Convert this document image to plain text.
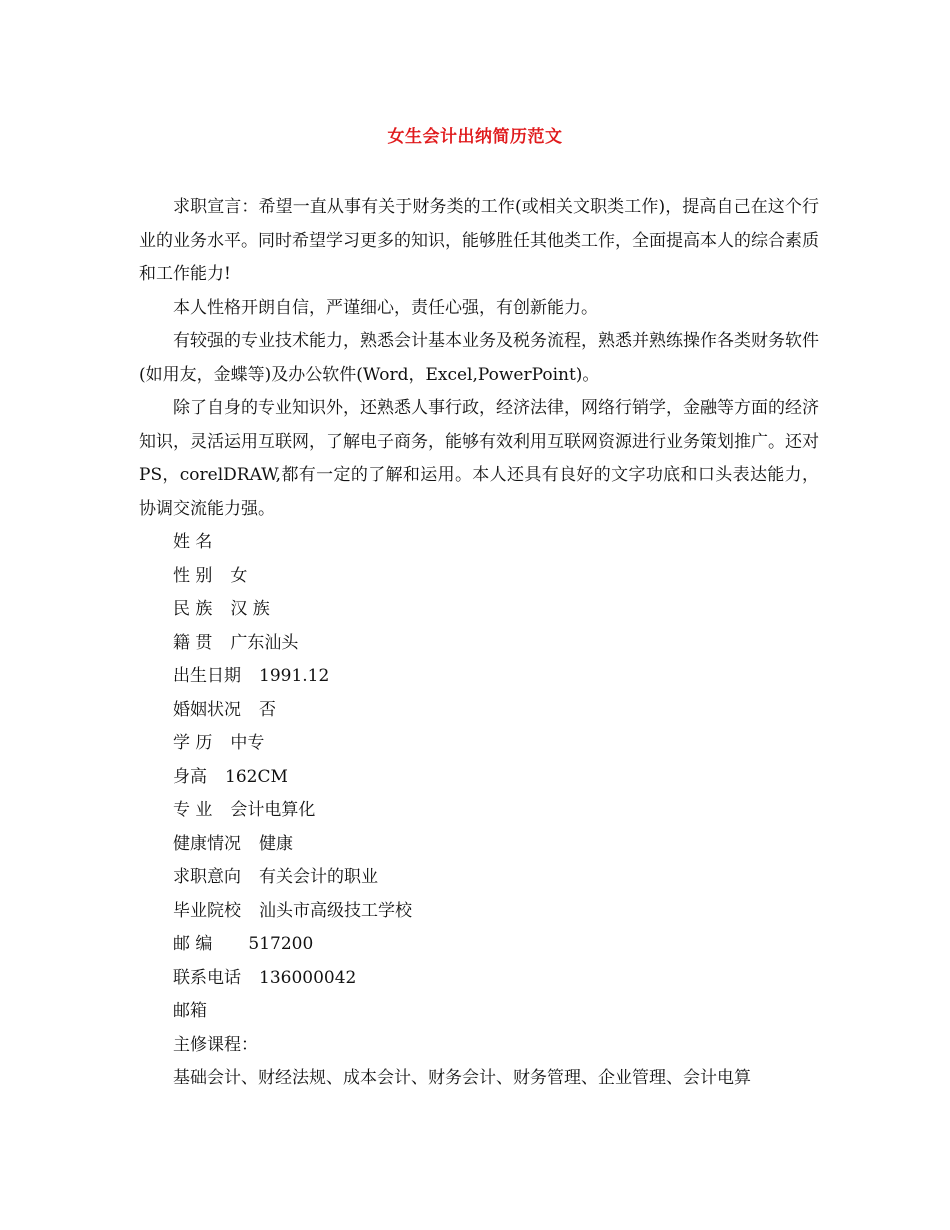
女生会计出纳简历范文

求职宣言：希望一直从事有关于财务类的工作(或相关文职类工作)，提高自己在这个行业的业务水平。同时希望学习更多的知识，能够胜任其他类工作，全面提高本人的综合素质和工作能力!

本人性格开朗自信，严谨细心，责任心强，有创新能力。

有较强的专业技术能力，熟悉会计基本业务及税务流程，熟悉并熟练操作各类财务软件(如用友，金蝶等)及办公软件(Word，Excel,PowerPoint)。

除了自身的专业知识外，还熟悉人事行政，经济法律，网络行销学，金融等方面的经济知识，灵活运用互联网，了解电子商务，能够有效利用互联网资源进行业务策划推广。还对PS，corelDRAW,都有一定的了解和运用。本人还具有良好的文字功底和口头表达能力，协调交流能力强。

姓 名
性 别 女
民 族 汉 族
籍 贯 广东汕头
出生日期 1991.12
婚姻状况 否
学 历 中专
身高 162CM
专 业 会计电算化
健康情况 健康
求职意向 有关会计的职业
毕业院校 汕头市高级技工学校
邮 编 517200
联系电话 136000042
邮箱
主修课程：
基础会计、财经法规、成本会计、财务会计、财务管理、企业管理、会计电算
